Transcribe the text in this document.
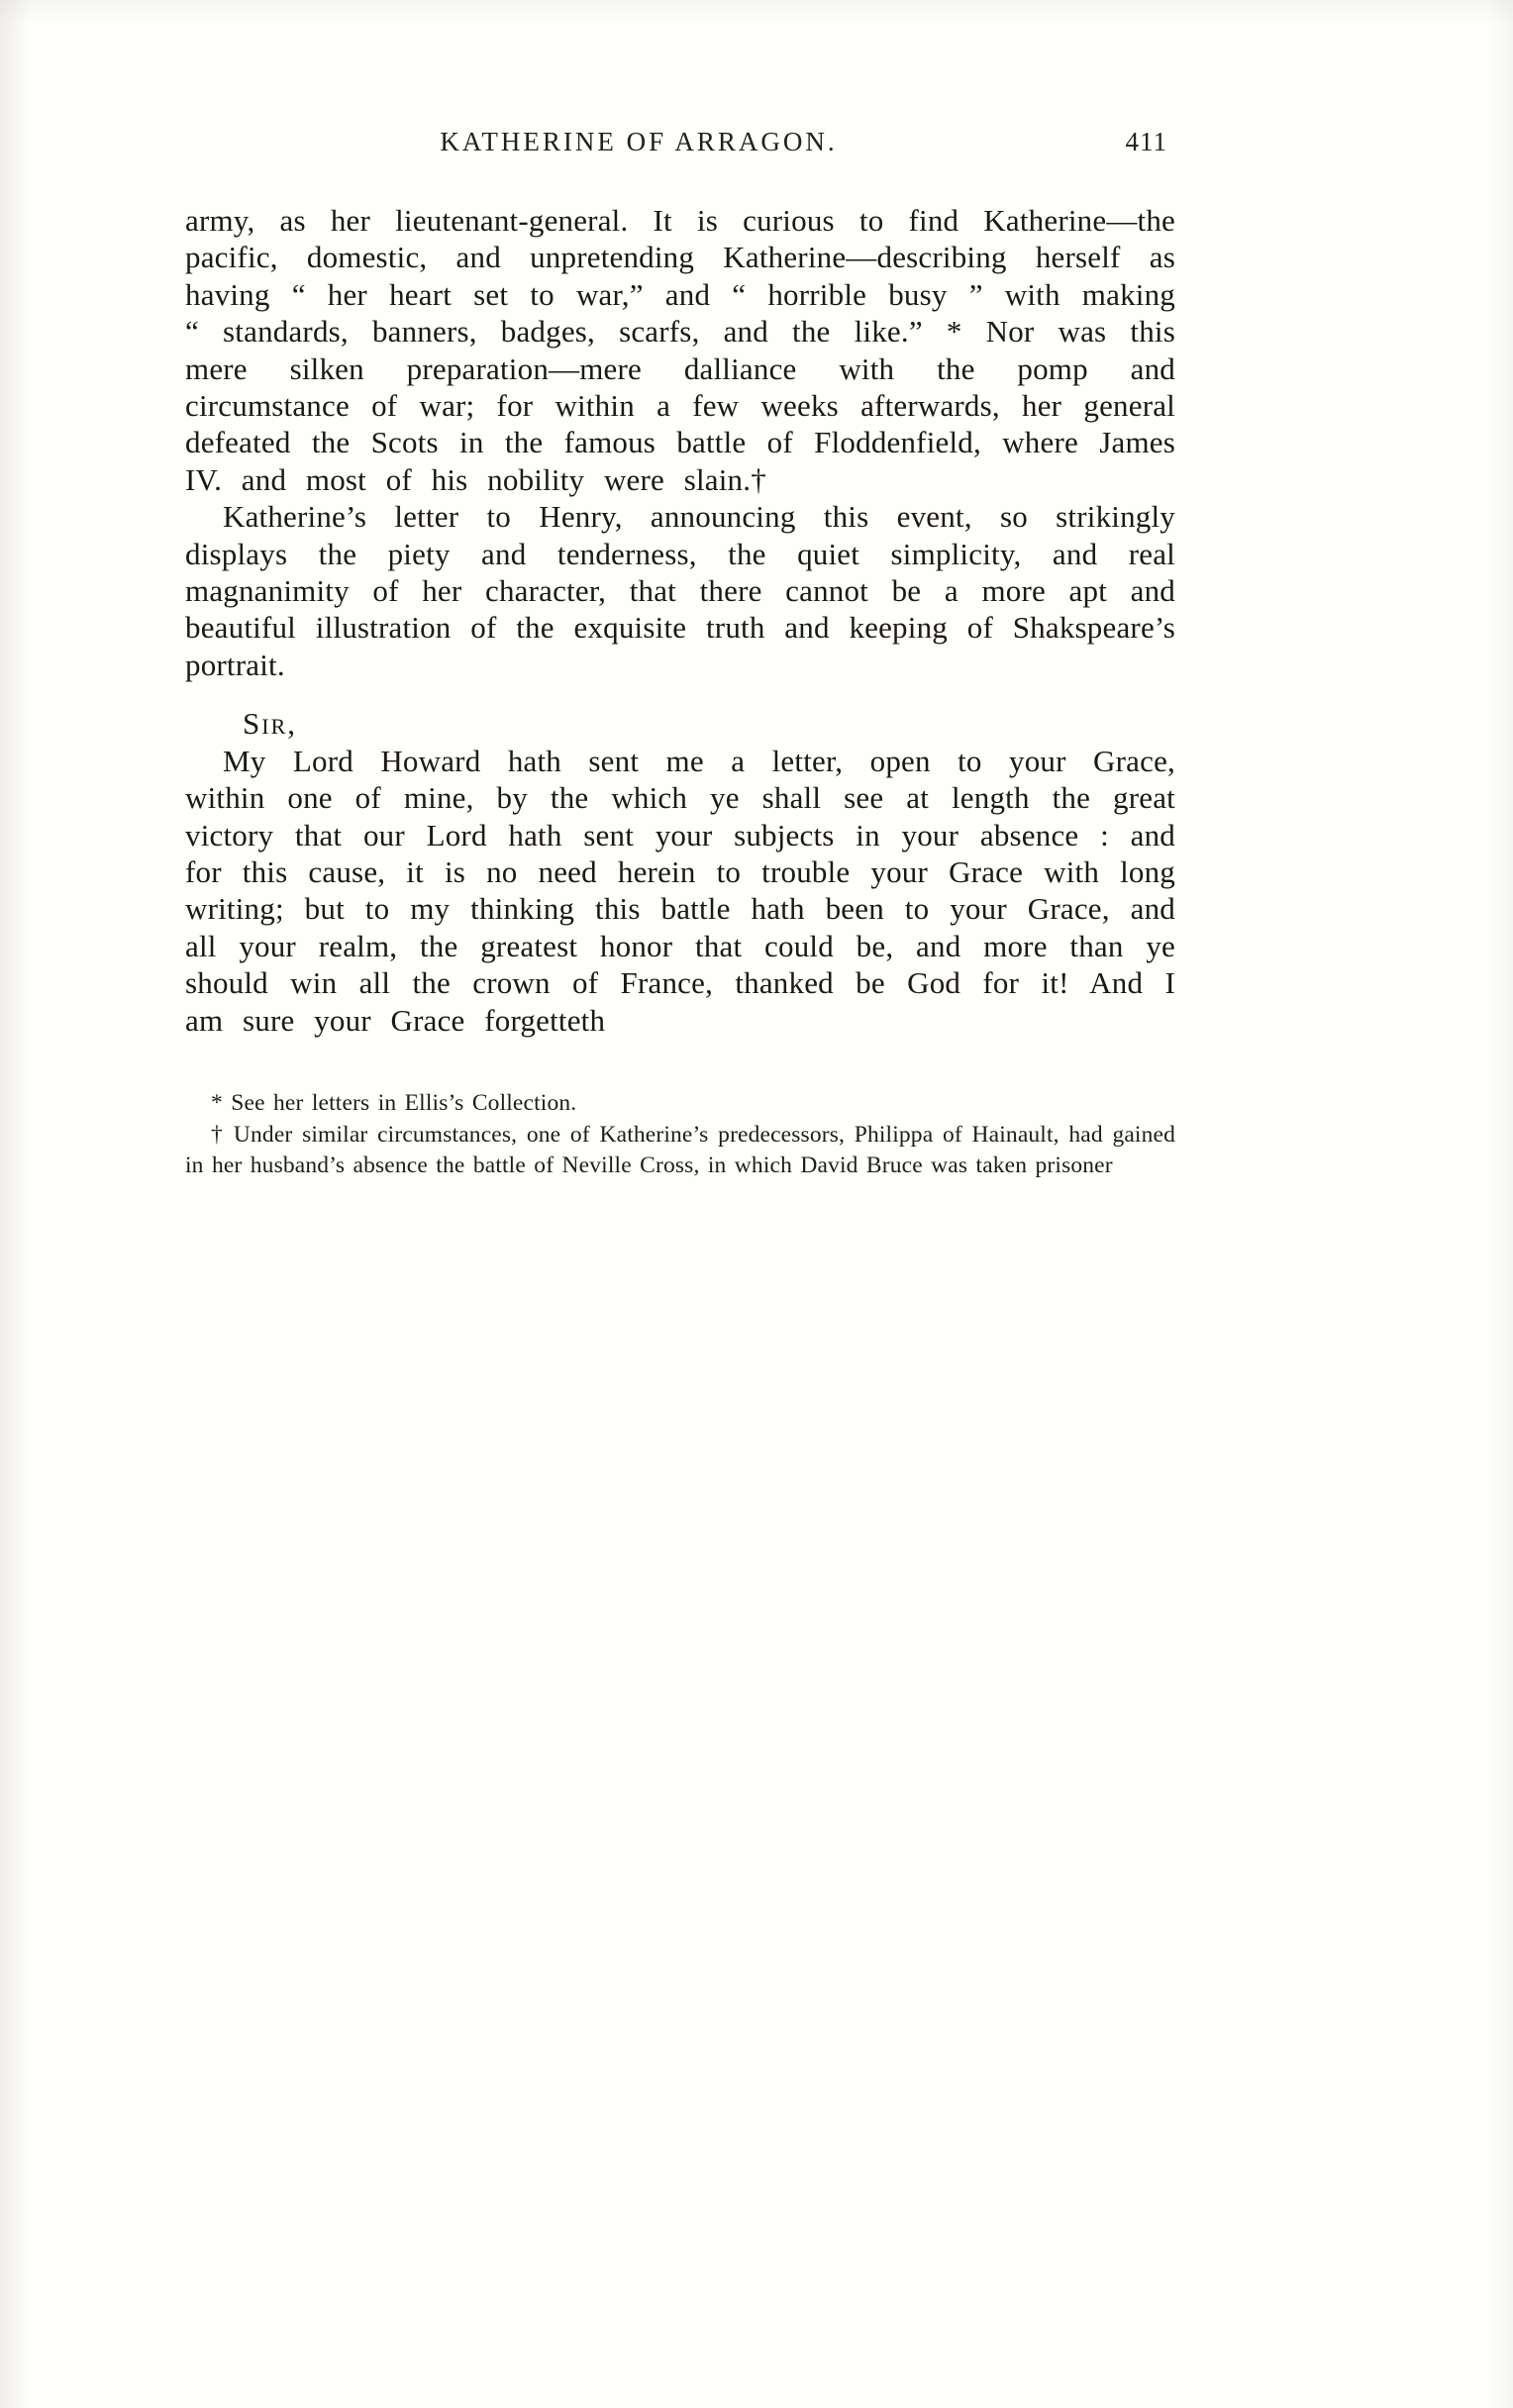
KATHERINE OF ARRAGON.	411

army, as her lieutenant-general. It is curious to find Katherine—the pacific, domestic, and unpretending Katherine—describing herself as having “ her heart set to war,” and “ horrible busy ” with making “ standards, banners, badges, scarfs, and the like.” * Nor was this mere silken preparation—mere dalliance with the pomp and circumstance of war; for within a few weeks afterwards, her general defeated the Scots in the famous battle of Floddenfield, where James IV. and most of his nobility were slain.†

Katherine’s letter to Henry, announcing this event, so strikingly displays the piety and tenderness, the quiet simplicity, and real magnanimity of her character, that there cannot be a more apt and beautiful illustration of the exquisite truth and keeping of Shakspeare’s portrait.

Sir,

My Lord Howard hath sent me a letter, open to your Grace, within one of mine, by the which ye shall see at length the great victory that our Lord hath sent your subjects in your absence : and for this cause, it is no need herein to trouble your Grace with long writing; but to my thinking this battle hath been to your Grace, and all your realm, the greatest honor that could be, and more than ye should win all the crown of France, thanked be God for it! And I am sure your Grace forgetteth

* See her letters in Ellis’s Collection.

† Under similar circumstances, one of Katherine’s predecessors, Philippa of Hainault, had gained in her husband’s absence the battle of Neville Cross, in which David Bruce was taken prisoner
